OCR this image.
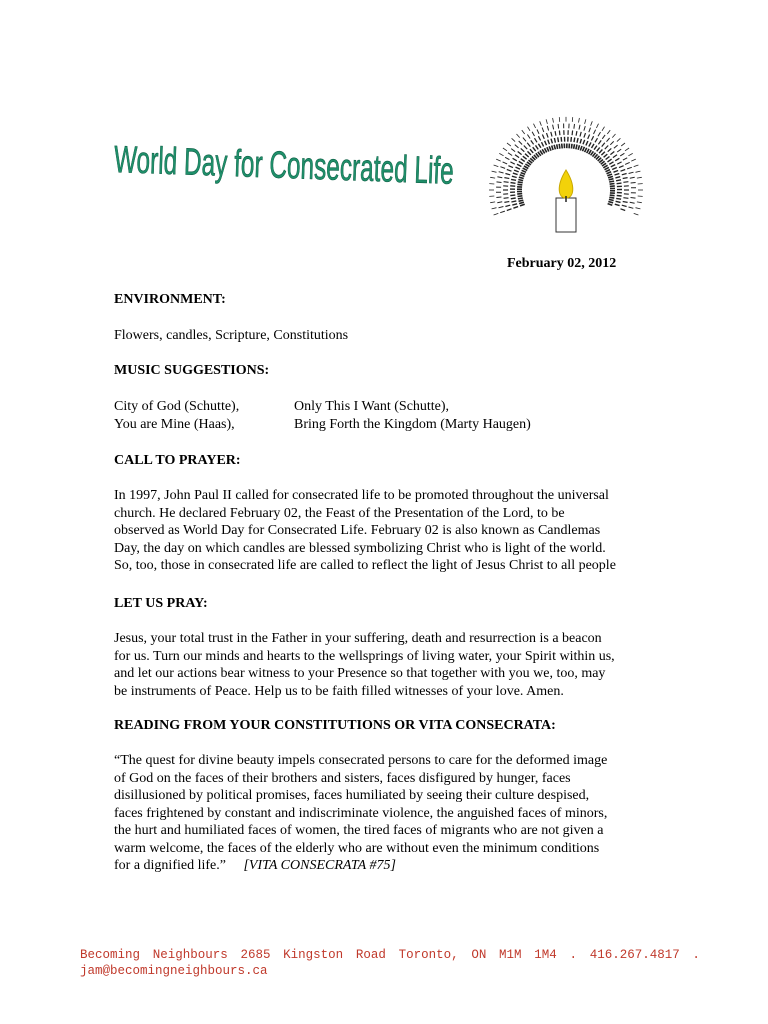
World Day for Consecrated Life
February 02, 2012
ENVIRONMENT:
Flowers, candles, Scripture, Constitutions
MUSIC SUGGESTIONS:
City of God (Schutte),	Only This I Want (Schutte),
You are Mine (Haas),	Bring Forth the Kingdom (Marty Haugen)
CALL TO PRAYER:
In 1997, John Paul II called for consecrated life to be promoted throughout the universal
church. He declared February 02, the Feast of the Presentation of the Lord, to be
observed as World Day for Consecrated Life. February 02 is also known as Candlemas
Day, the day on which candles are blessed symbolizing Christ who is light of the world.
So, too, those in consecrated life are called to reflect the light of Jesus Christ to all people
LET US PRAY:
Jesus, your total trust in the Father in your suffering, death and resurrection is a beacon
for us. Turn our minds and hearts to the wellsprings of living water, your Spirit within us,
and let our actions bear witness to your Presence so that together with you we, too, may
be instruments of Peace. Help us to be faith filled witnesses of your love. Amen.
READING FROM YOUR CONSTITUTIONS OR VITA CONSECRATA:
“The quest for divine beauty impels consecrated persons to care for the deformed image
of God on the faces of their brothers and sisters, faces disfigured by hunger, faces
disillusioned by political promises, faces humiliated by seeing their culture despised,
faces frightened by constant and indiscriminate violence, the anguished faces of minors,
the hurt and humiliated faces of women, the tired faces of migrants who are not given a
warm welcome, the faces of the elderly who are without even the minimum conditions
for a dignified life.” [VITA CONSECRATA #75]
Becoming Neighbours 2685 Kingston Road Toronto, ON M1M 1M4 . 416.267.4817 .
jam@becomingneighbours.ca
